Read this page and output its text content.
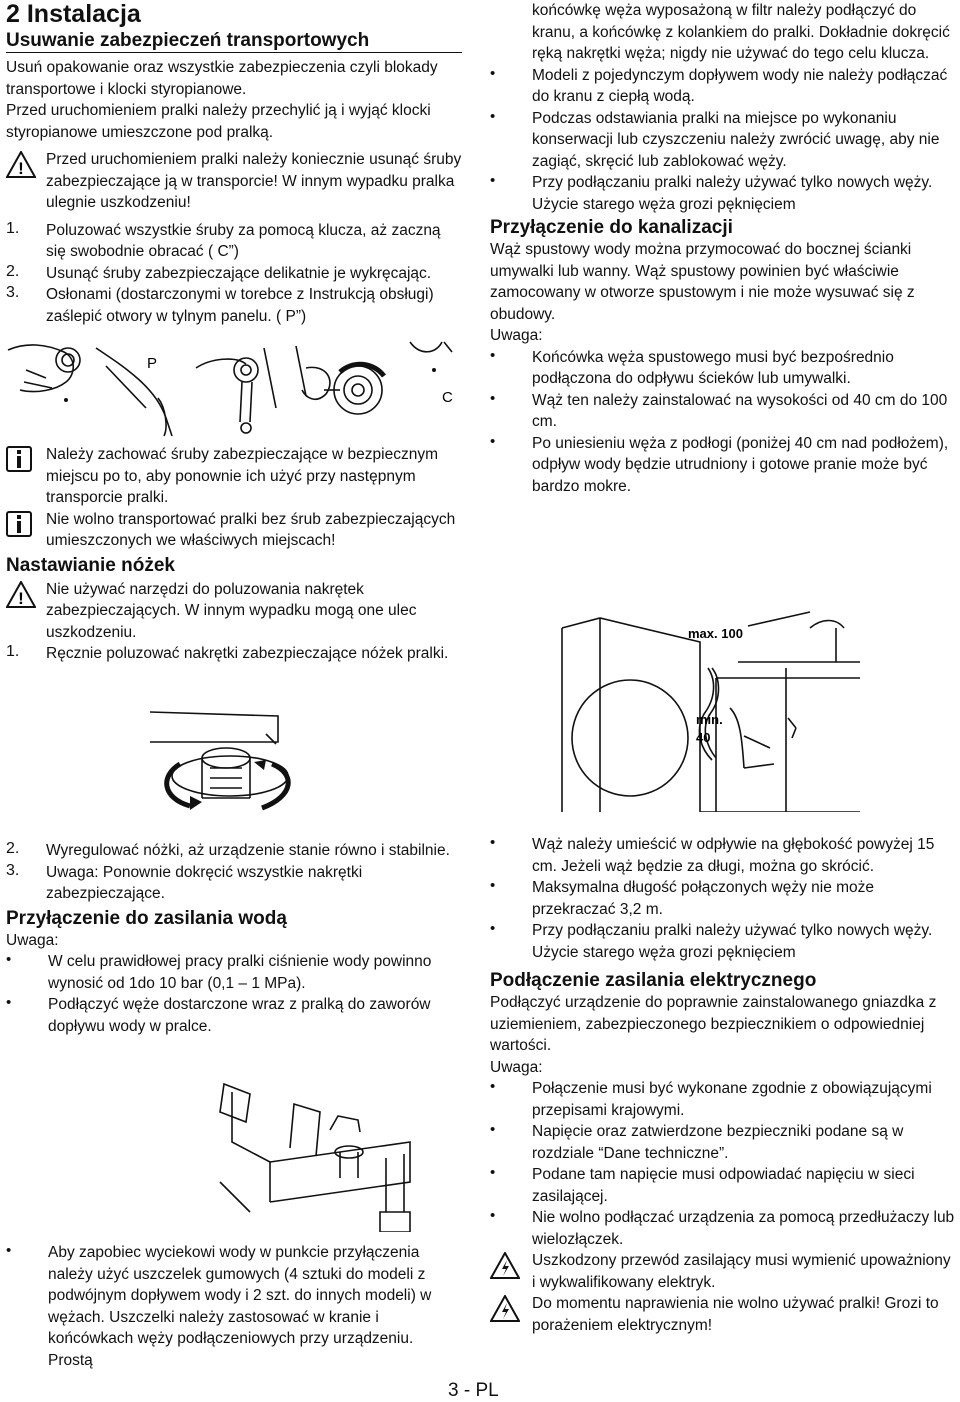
2 Instalacja
Usuwanie zabezpieczeń transportowych

Usuń opakowanie oraz wszystkie zabezpieczenia czyli blokady transportowe i klocki styropianowe.

Przed uruchomieniem pralki należy przechylić ją i wyjąć klocki styropianowe umieszczone pod pralką.

! Przed uruchomieniem pralki należy koniecznie usunąć śruby zabezpieczające ją w transporcie! W innym wypadku pralka ulegnie uszkodzeniu!

1. Poluzować wszystkie śruby za pomocą klucza, aż zaczną się swobodnie obracać ( C”)

2. Usunąć śruby zabezpieczające delikatnie je wykręcając.

3. Osłonami (dostarczonymi w torebce z Instrukcją obsługi) zaślepić otwory w tylnym panelu. ( P”)

P
C

Należy zachować śruby zabezpieczające w bezpiecznym miejscu po to, aby ponownie ich użyć przy następnym transporcie pralki.

Nie wolno transportować pralki bez śrub zabezpieczających umieszczonych we właściwych miejscach!

Nastawianie nóżek
! Nie używać narzędzi do poluzowania nakrętek zabezpieczających. W innym wypadku mogą one ulec uszkodzeniu.

1. Ręcznie poluzować nakrętki zabezpieczające nóżek pralki.

końcówkę węża wyposażoną w filtr należy podłączyć do kranu, a końcówkę z kolankiem do pralki. Dokładnie dokręcić ręką nakrętki węża; nigdy nie używać do tego celu klucza.

• Modeli z pojedynczym dopływem wody nie należy podłączać do kranu z ciepłą wodą.

• Podczas odstawiania pralki na miejsce po wykonaniu konserwacji lub czyszczeniu należy zwrócić uwagę, aby nie zagiąć, skręcić lub zablokować węży.

• Przy podłączaniu pralki należy używać tylko nowych węży. Użycie starego węża grozi pęknięciem

Przyłączenie do kanalizacji

Wąż spustowy wody można przymocować do bocznej ścianki umywalki lub wanny. Wąż spustowy powinien być właściwie zamocowany w otworze spustowym i nie może wysuwać się z obudowy.

Uwaga:

• Końcówka węża spustowego musi być bezpośrednio podłączona do odpływu ścieków lub umywalki.

• Wąż ten należy zainstalować na wysokości od 40 cm do 100 cm.

• Po uniesieniu węża z podłogi (poniżej 40 cm nad podłożem), odpływ wody będzie utrudniony i gotowe pranie może być bardzo mokre.

max. 100
min.
40
2. Wyregulować nóżki, aż urządzenie stanie równo i stabilnie.

3. Uwaga: Ponownie dokręcić wszystkie nakrętki zabezpieczające.

Przyłączenie do zasilania wodą

Uwaga:

• W celu prawidłowej pracy pralki ciśnienie wody powinno wynosić od 1do 10 bar (0,1 – 1 MPa).

• Podłączyć węże dostarczone wraz z pralką do zaworów dopływu wody w pralce.

• Aby zapobiec wyciekowi wody w punkcie przyłączenia należy użyć uszczelek gumowych (4 sztuki do modeli z podwójnym dopływem wody i 2 szt. do innych modeli) w wężach. Uszczelki należy zastosować w kranie i końcówkach węży podłączeniowych przy urządzeniu. Prostą

• Wąż należy umieścić w odpływie na głębokość powyżej 15 cm. Jeżeli wąż będzie za długi, można go skrócić.

• Maksymalna długość połączonych węży nie może przekraczać 3,2 m.

• Przy podłączaniu pralki należy używać tylko nowych węży. Użycie starego węża grozi pęknięciem

Podłączenie zasilania elektrycznego

Podłączyć urządzenie do poprawnie zainstalowanego gniazdka z uziemieniem, zabezpieczonego bezpiecznikiem o odpowiedniej wartości.

Uwaga:

• Połączenie musi być wykonane zgodnie z obowiązującymi przepisami krajowymi.

• Napięcie oraz zatwierdzone bezpieczniki podane są w rozdziale “Dane techniczne”.

• Podane tam napięcie musi odpowiadać napięciu w sieci zasilającej.

• Nie wolno podłączać urządzenia za pomocą przedłużaczy lub wielozłączek.

Uszkodzony przewód zasilający musi wymienić upoważniony i wykwalifikowany elektryk.

Do momentu naprawienia nie wolno używać pralki! Grozi to porażeniem elektrycznym!

3 - PL
